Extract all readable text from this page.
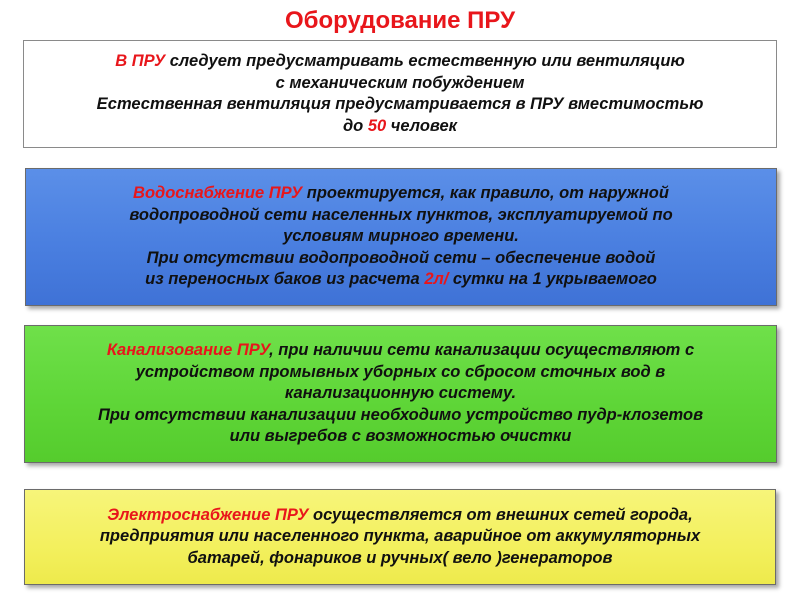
Оборудование ПРУ

В ПРУ следует предусматривать естественную или вентиляцию

с механическим побуждением

Естественная вентиляция предусматривается в ПРУ вместимостью

до 50 человек

Водоснабжение ПРУ проектируется, как правило, от наружной

водопроводной сети населенных пунктов, эксплуатируемой по

условиям мирного времени.

При отсутствии водопроводной сети – обеспечение водой

из переносных баков из расчета 2л/ сутки на 1 укрываемого

Канализование ПРУ, при наличии сети канализации осуществляют с

устройством промывных уборных со сбросом сточных вод в

канализационную систему.

При отсутствии канализации необходимо устройство пудр-клозетов

или выгребов с возможностью очистки

Электроснабжение ПРУ осуществляется от внешних сетей города,

предприятия или населенного пункта, аварийное от аккумуляторных

батарей, фонариков и ручных( вело )генераторов
